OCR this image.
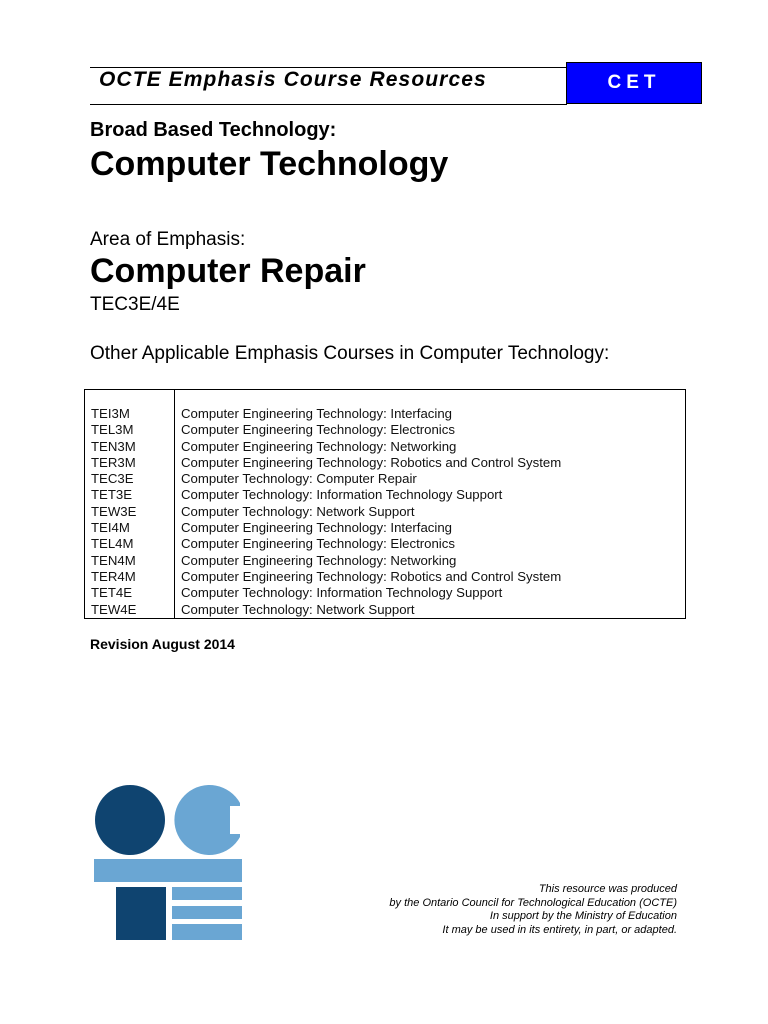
OCTE Emphasis Course Resources	CET
Broad Based Technology:
Computer Technology
Area of Emphasis:
Computer Repair
TEC3E/4E
Other Applicable Emphasis Courses in Computer Technology:
TEI3M	Computer Engineering Technology: Interfacing
TEL3M	Computer Engineering Technology: Electronics
TEN3M	Computer Engineering Technology: Networking
TER3M	Computer Engineering Technology: Robotics and Control System
TEC3E	Computer Technology: Computer Repair
TET3E	Computer Technology: Information Technology Support
TEW3E	Computer Technology: Network Support
TEI4M	Computer Engineering Technology: Interfacing
TEL4M	Computer Engineering Technology: Electronics
TEN4M	Computer Engineering Technology: Networking
TER4M	Computer Engineering Technology: Robotics and Control System
TET4E	Computer Technology: Information Technology Support
TEW4E	Computer Technology: Network Support
Revision August 2014
This resource was produced
by the Ontario Council for Technological Education (OCTE)
In support by the Ministry of Education
It may be used in its entirety, in part, or adapted.
